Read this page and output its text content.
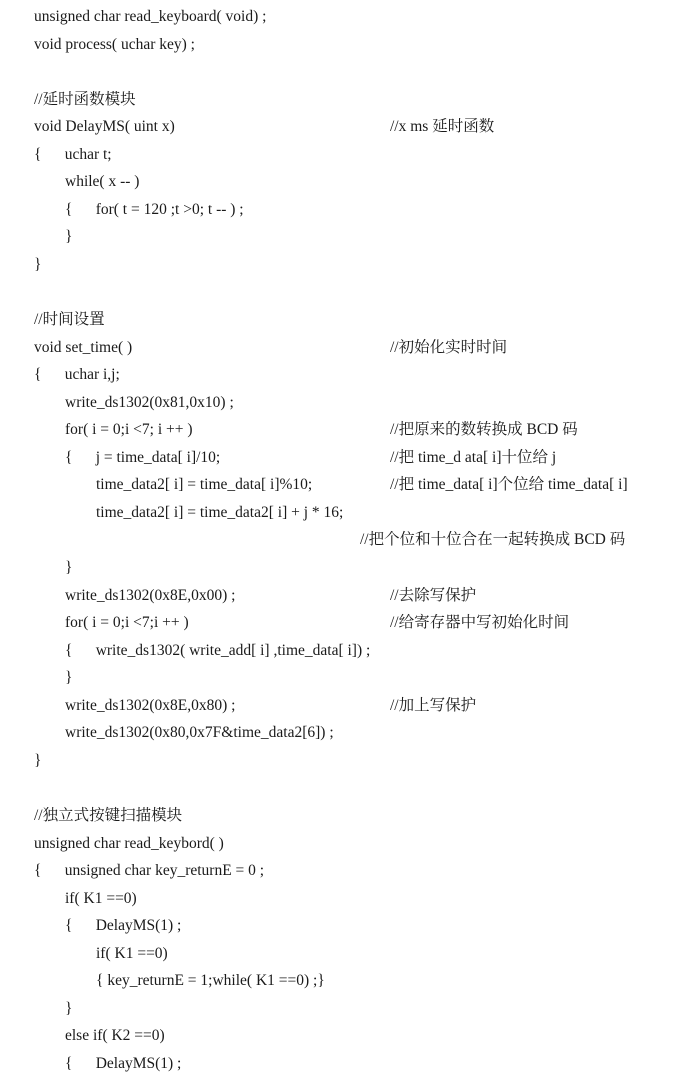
unsigned char read_keyboard( void) ;
void process( uchar key) ;
//延时函数模块
void DelayMS( uint x)	//x ms 延时函数
{      uchar t;
while( x -- )
{      for( t = 120 ;t >0; t -- ) ;
}
}
//时间设置
void set_time( )	//初始化实时时间
{      uchar i,j;
write_ds1302(0x81,0x10) ;
for( i = 0;i <7; i ++ )	//把原来的数转换成 BCD 码
{      j = time_data[ i]/10;	//把 time_d ata[ i]十位给 j
time_data2[ i] = time_data[ i]%10;	//把 time_data[ i]个位给 time_data[ i]
time_data2[ i] = time_data2[ i] + j * 16;
//把个位和十位合在一起转换成 BCD 码
}
write_ds1302(0x8E,0x00) ;	//去除写保护
for( i = 0;i <7;i ++ )	//给寄存器中写初始化时间
{      write_ds1302( write_add[ i] ,time_data[ i]) ;
}
write_ds1302(0x8E,0x80) ;	//加上写保护
write_ds1302(0x80,0x7F&time_data2[6]) ;
}
//独立式按键扫描模块
unsigned char read_keybord( )
{      unsigned char key_returnE = 0 ;
if( K1 ==0)
{      DelayMS(1) ;
if( K1 ==0)
{ key_returnE = 1;while( K1 ==0) ;}
}
else if( K2 ==0)
{      DelayMS(1) ;
